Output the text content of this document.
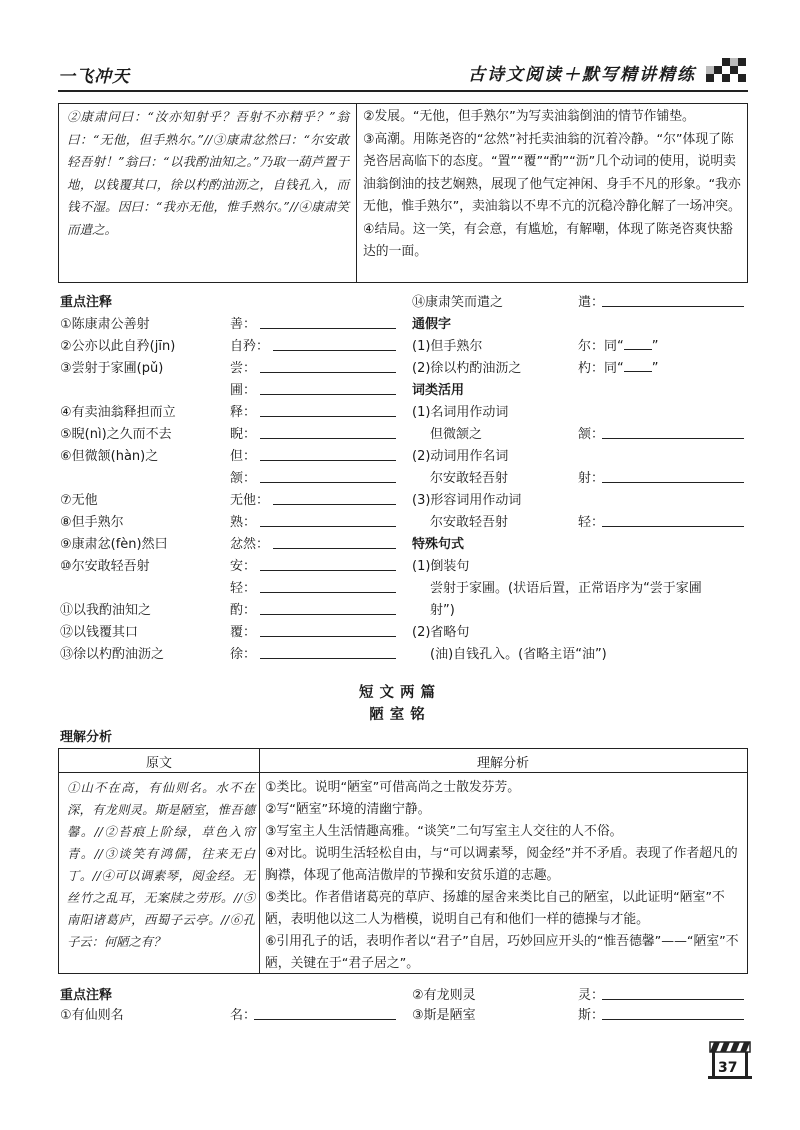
一飞冲天	古诗文阅读＋默写精讲精练
②康肃问曰：“汝亦知射乎？吾射不亦精乎？”翁曰：“无他，但手熟尔。”//③康肃忿然曰：“尔安敢轻吾射！”翁曰：“以我酌油知之。”乃取一葫芦置于地，以钱覆其口，徐以杓酌油沥之，自钱孔入，而钱不湿。因曰：“我亦无他，惟手熟尔。”//④康肃笑而遣之。

②发展。“无他，但手熟尔”为写卖油翁倒油的情节作铺垫。

③高潮。用陈尧咨的“忿然”衬托卖油翁的沉着冷静。“尔”体现了陈尧咨居高临下的态度。“置”“覆”“酌”“沥”几个动词的使用，说明卖油翁倒油的技艺娴熟，展现了他气定神闲、身手不凡的形象。“我亦无他，惟手熟尔”，卖油翁以不卑不亢的沉稳冷静化解了一场冲突。

④结局。这一笑，有会意，有尴尬，有解嘲，体现了陈尧咨爽快豁达的一面。

重点注释
①陈康肃公善射	善：
②公亦以此自矜(jīn)	自矜：
③尝射于家圃(pǔ)	尝：
圃：
④有卖油翁释担而立	释：
⑤睨(nì)之久而不去	睨：
⑥但微颔(hàn)之	但：
颔：
⑦无他	无他：
⑧但手熟尔	熟：
⑨康肃忿(fèn)然曰	忿然：
⑩尔安敢轻吾射	安：
轻：
⑪以我酌油知之	酌：
⑫以钱覆其口	覆：
⑬徐以杓酌油沥之	徐：
⑭康肃笑而遣之	遣：
通假字
(1)但手熟尔	尔：同“ ”
(2)徐以杓酌油沥之	杓：同“ ”
词类活用
(1)名词用作动词
但微颔之	颔：
(2)动词用作名词
尔安敢轻吾射	射：
(3)形容词用作动词
尔安敢轻吾射	轻：
特殊句式
(1)倒装句
尝射于家圃。(状语后置，正常语序为“尝于家圃
射”)
(2)省略句
(油)自钱孔入。(省略主语“油”)
短文两篇
陋室铭
理解分析
原文	理解分析
①山不在高，有仙则名。水不在深，有龙则灵。斯是陋室，惟吾德馨。//②苔痕上阶绿，草色入帘青。//③谈笑有鸿儒，往来无白丁。//④可以调素琴，阅金经。无丝竹之乱耳，无案牍之劳形。//⑤南阳诸葛庐，西蜀子云亭。//⑥孔子云：何陋之有？

①类比。说明“陋室”可借高尚之士散发芬芳。

②写“陋室”环境的清幽宁静。

③写室主人生活情趣高雅。“谈笑”二句写室主人交往的人不俗。

④对比。说明生活轻松自由，与“可以调素琴，阅金经”并不矛盾。表现了作者超凡的胸襟，体现了他高洁傲岸的节操和安贫乐道的志趣。

⑤类比。作者借诸葛亮的草庐、扬雄的屋舍来类比自己的陋室，以此证明“陋室”不陋，表明他以这二人为楷模，说明自己有和他们一样的德操与才能。

⑥引用孔子的话，表明作者以“君子”自居，巧妙回应开头的“惟吾德馨”——“陋室”不陋，关键在于“君子居之”。

重点注释
①有仙则名	名：
②有龙则灵	灵：
③斯是陋室	斯：
37
